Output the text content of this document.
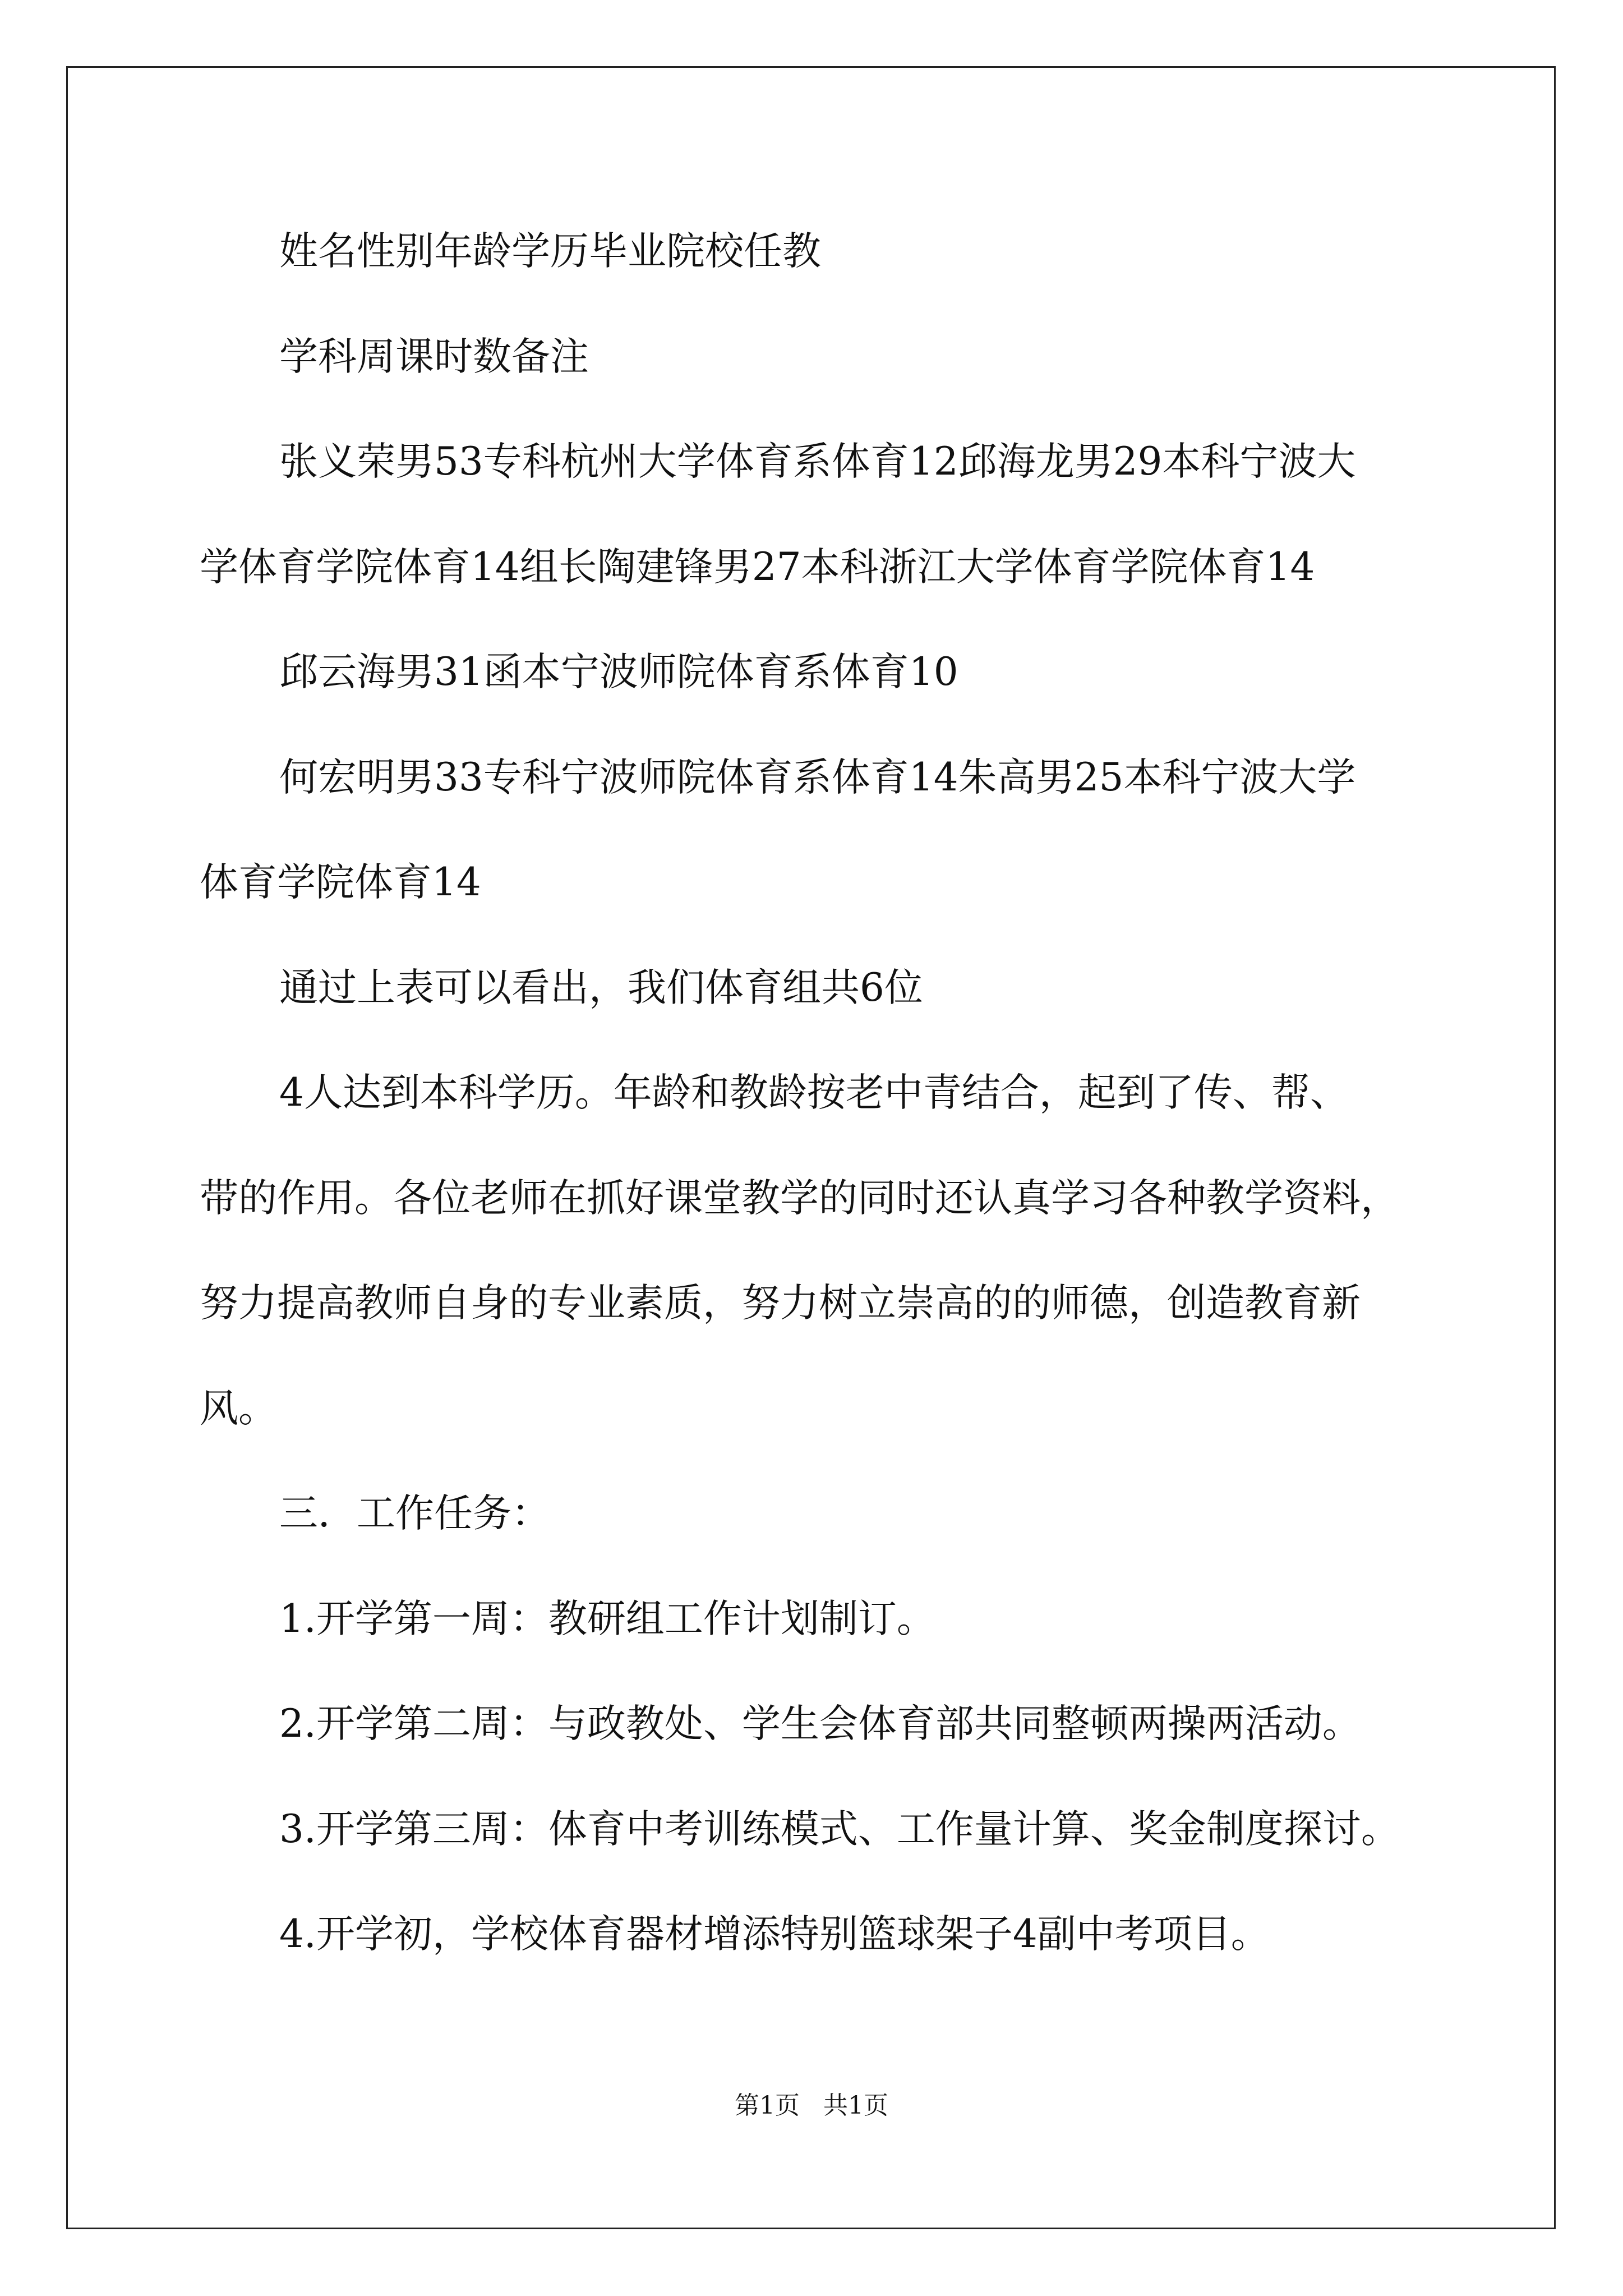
姓名性别年龄学历毕业院校任教
学科周课时数备注
张义荣男53专科杭州大学体育系体育12邱海龙男29本科宁波大
学体育学院体育14组长陶建锋男27本科浙江大学体育学院体育14
邱云海男31函本宁波师院体育系体育10
何宏明男33专科宁波师院体育系体育14朱高男25本科宁波大学
体育学院体育14
通过上表可以看出，我们体育组共6位
4人达到本科学历。年龄和教龄按老中青结合，起到了传、帮、
带的作用。各位老师在抓好课堂教学的同时还认真学习各种教学资料，
努力提高教师自身的专业素质，努力树立崇高的的师德，创造教育新
风。
三．工作任务：
1.开学第一周：教研组工作计划制订。
2.开学第二周：与政教处、学生会体育部共同整顿两操两活动。
3.开学第三周：体育中考训练模式、工作量计算、奖金制度探讨。
4.开学初，学校体育器材增添特别篮球架子4副中考项目。
第1页   共1页
